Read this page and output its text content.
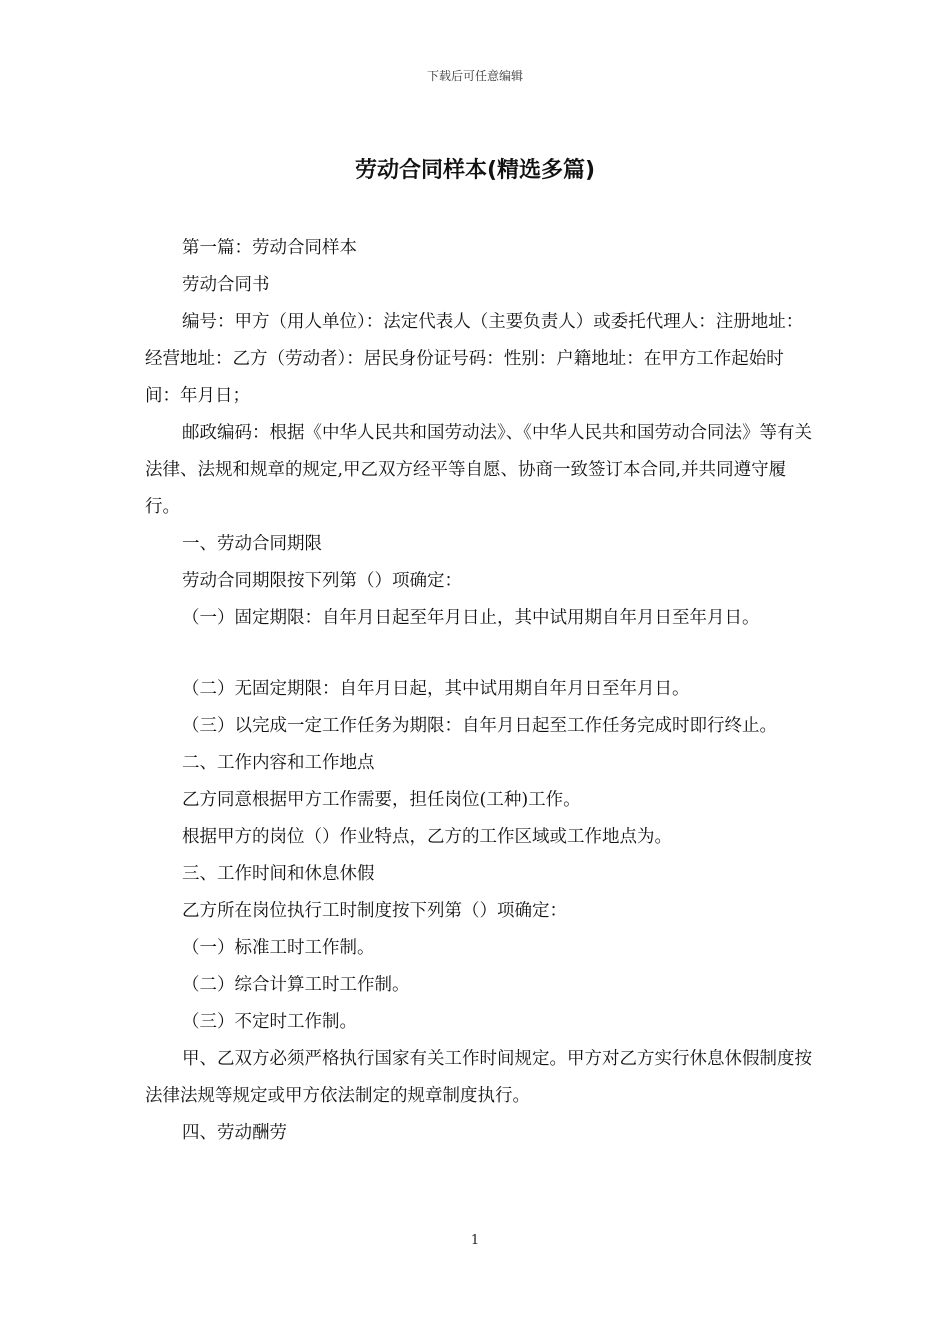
下载后可任意编辑
劳动合同样本(精选多篇)

第一篇：劳动合同样本

劳动合同书

编号：甲方（用人单位）：法定代表人（主要负责人）或委托代理人：注册地址：经营地址：乙方（劳动者）：居民身份证号码：性别：户籍地址：在甲方工作起始时间：年月日；

邮政编码：根据《中华人民共和国劳动法》、《中华人民共和国劳动合同法》等有关法律、法规和规章的规定,甲乙双方经平等自愿、协商一致签订本合同,并共同遵守履行。

一、劳动合同期限

劳动合同期限按下列第（）项确定：

（一）固定期限：自年月日起至年月日止，其中试用期自年月日至年月日。

（二）无固定期限：自年月日起，其中试用期自年月日至年月日。

（三）以完成一定工作任务为期限：自年月日起至工作任务完成时即行终止。

二、工作内容和工作地点

乙方同意根据甲方工作需要，担任岗位(工种)工作。

根据甲方的岗位（）作业特点，乙方的工作区域或工作地点为。

三、工作时间和休息休假

乙方所在岗位执行工时制度按下列第（）项确定：

（一）标准工时工作制。

（二）综合计算工时工作制。

（三）不定时工作制。

甲、乙双方必须严格执行国家有关工作时间规定。甲方对乙方实行休息休假制度按法律法规等规定或甲方依法制定的规章制度执行。

四、劳动酬劳

1
